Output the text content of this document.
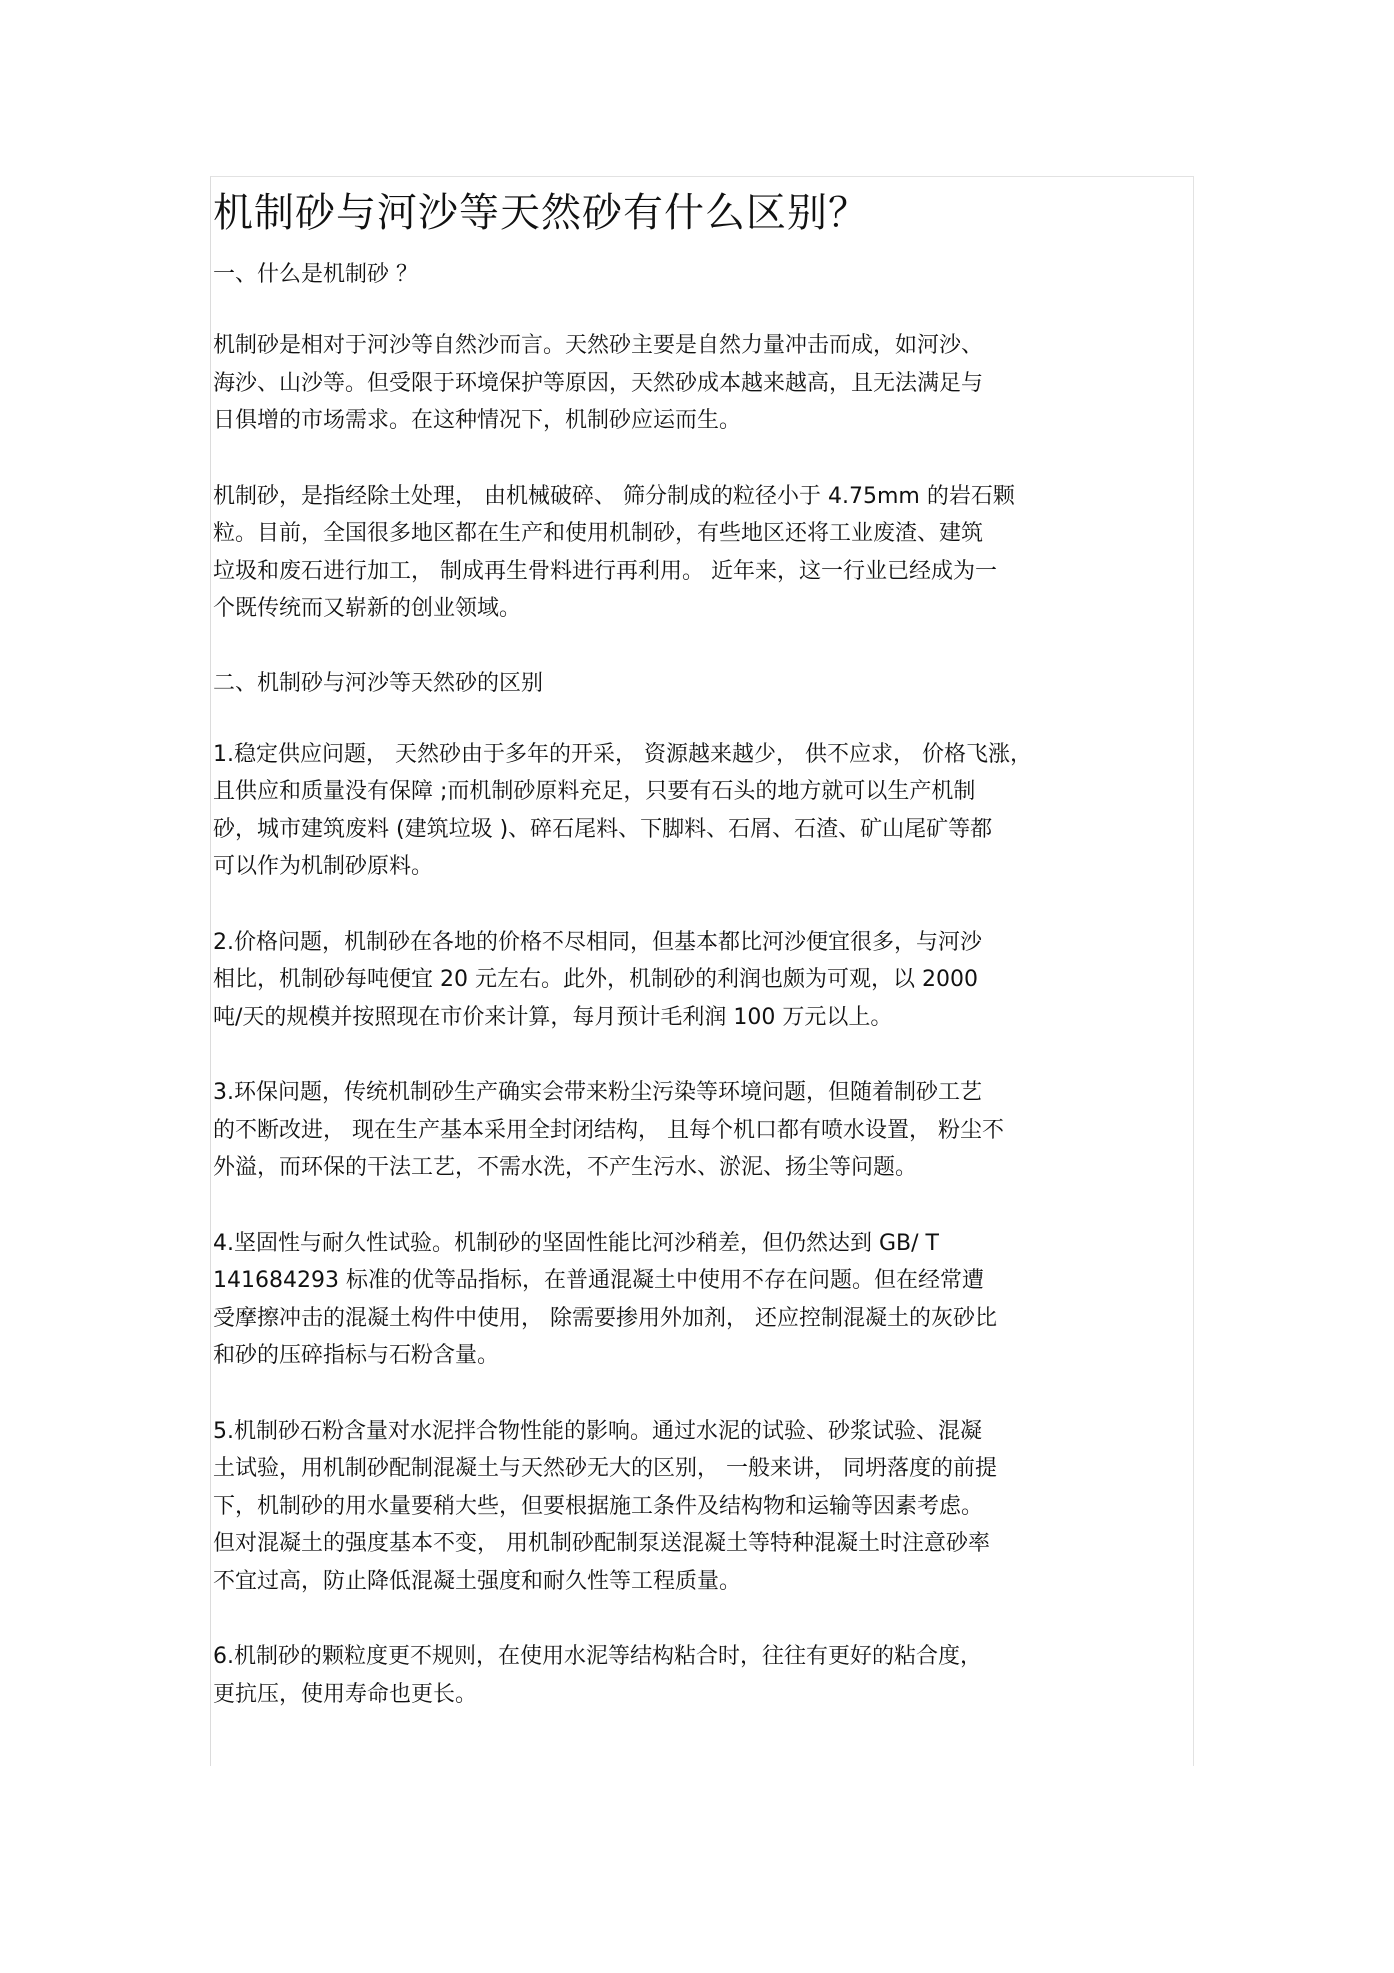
机制砂与河沙等天然砂有什么区别？
一、什么是机制砂 ？
机制砂是相对于河沙等自然沙而言。天然砂主要是自然力量冲击而成，如河沙、
海沙、山沙等。但受限于环境保护等原因，天然砂成本越来越高，且无法满足与
日俱增的市场需求。在这种情况下，机制砂应运而生。
机制砂，是指经除土处理， 由机械破碎、 筛分制成的粒径小于 4.75mm 的岩石颗
粒。目前，全国很多地区都在生产和使用机制砂，有些地区还将工业废渣、建筑
垃圾和废石进行加工， 制成再生骨料进行再利用。 近年来，这一行业已经成为一
个既传统而又崭新的创业领域。
二、机制砂与河沙等天然砂的区别
1.稳定供应问题， 天然砂由于多年的开采， 资源越来越少， 供不应求， 价格飞涨，
且供应和质量没有保障 ;而机制砂原料充足，只要有石头的地方就可以生产机制
砂，城市建筑废料 (建筑垃圾 )、碎石尾料、下脚料、石屑、石渣、矿山尾矿等都
可以作为机制砂原料。
2.价格问题，机制砂在各地的价格不尽相同，但基本都比河沙便宜很多，与河沙
相比，机制砂每吨便宜 20 元左右。此外，机制砂的利润也颇为可观，以 2000
吨/天的规模并按照现在市价来计算，每月预计毛利润 100 万元以上。
3.环保问题，传统机制砂生产确实会带来粉尘污染等环境问题，但随着制砂工艺
的不断改进， 现在生产基本采用全封闭结构， 且每个机口都有喷水设置， 粉尘不
外溢，而环保的干法工艺，不需水洗，不产生污水、淤泥、扬尘等问题。
4.坚固性与耐久性试验。机制砂的坚固性能比河沙稍差，但仍然达到 GB/ T
141684293 标准的优等品指标，在普通混凝土中使用不存在问题。但在经常遭
受摩擦冲击的混凝土构件中使用， 除需要掺用外加剂， 还应控制混凝土的灰砂比
和砂的压碎指标与石粉含量。
5.机制砂石粉含量对水泥拌合物性能的影响。通过水泥的试验、砂浆试验、混凝
土试验，用机制砂配制混凝土与天然砂无大的区别， 一般来讲， 同坍落度的前提
下，机制砂的用水量要稍大些，但要根据施工条件及结构物和运输等因素考虑。
但对混凝土的强度基本不变， 用机制砂配制泵送混凝土等特种混凝土时注意砂率
不宜过高，防止降低混凝土强度和耐久性等工程质量。
6.机制砂的颗粒度更不规则，在使用水泥等结构粘合时，往往有更好的粘合度，
更抗压，使用寿命也更长。
